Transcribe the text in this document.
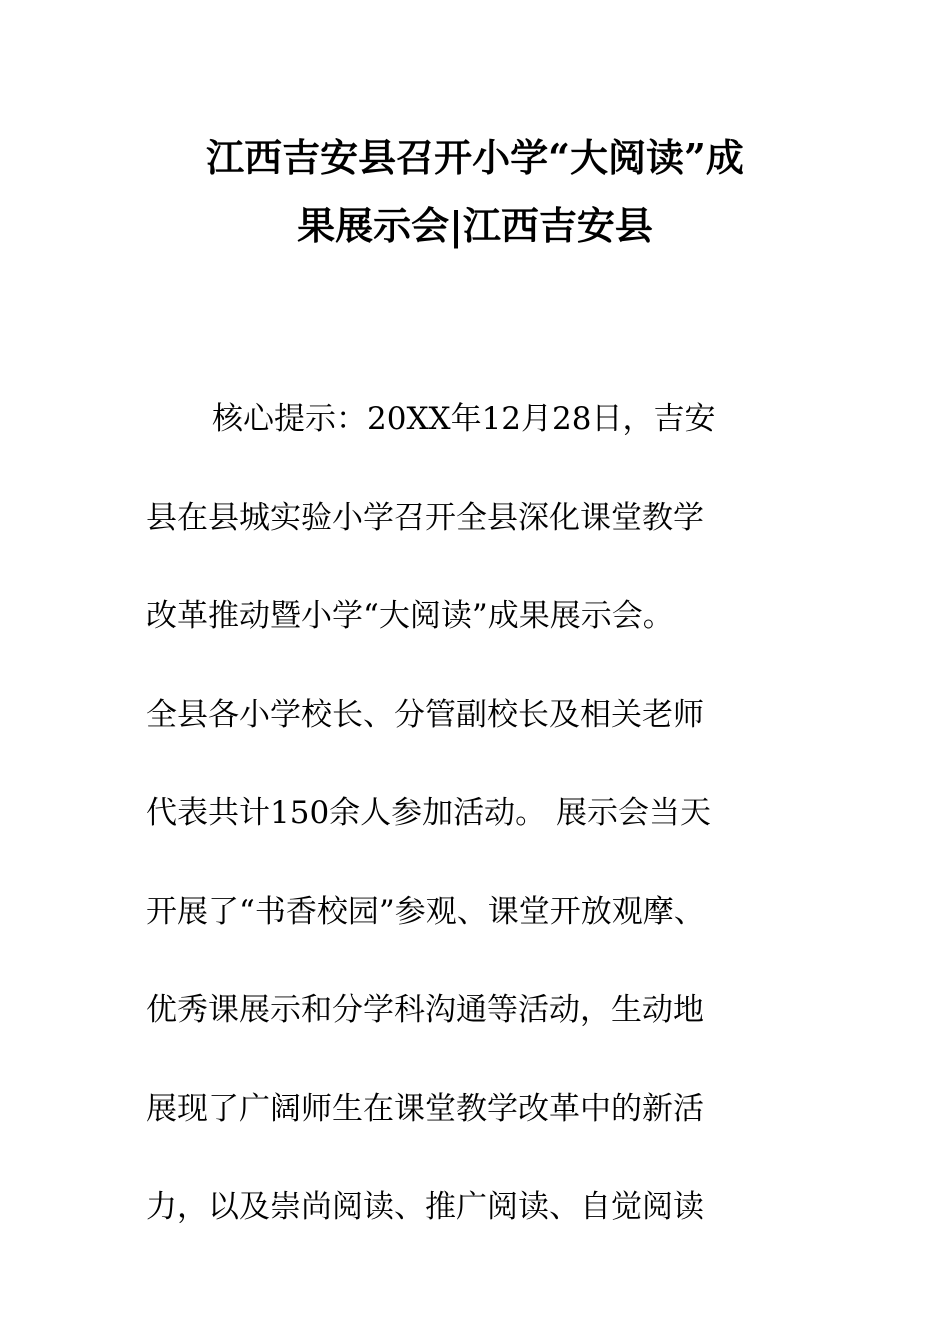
江西吉安县召开小学“大阅读”成
果展示会|江西吉安县
核心提示：20XX年12月28日，吉安
县在县城实验小学召开全县深化课堂教学
改革推动暨小学“大阅读”成果展示会。
全县各小学校长、分管副校长及相关老师
代表共计150余人参加活动。 展示会当天
开展了“书香校园”参观、课堂开放观摩、
优秀课展示和分学科沟通等活动，生动地
展现了广阔师生在课堂教学改革中的新活
力，以及崇尚阅读、推广阅读、自觉阅读
